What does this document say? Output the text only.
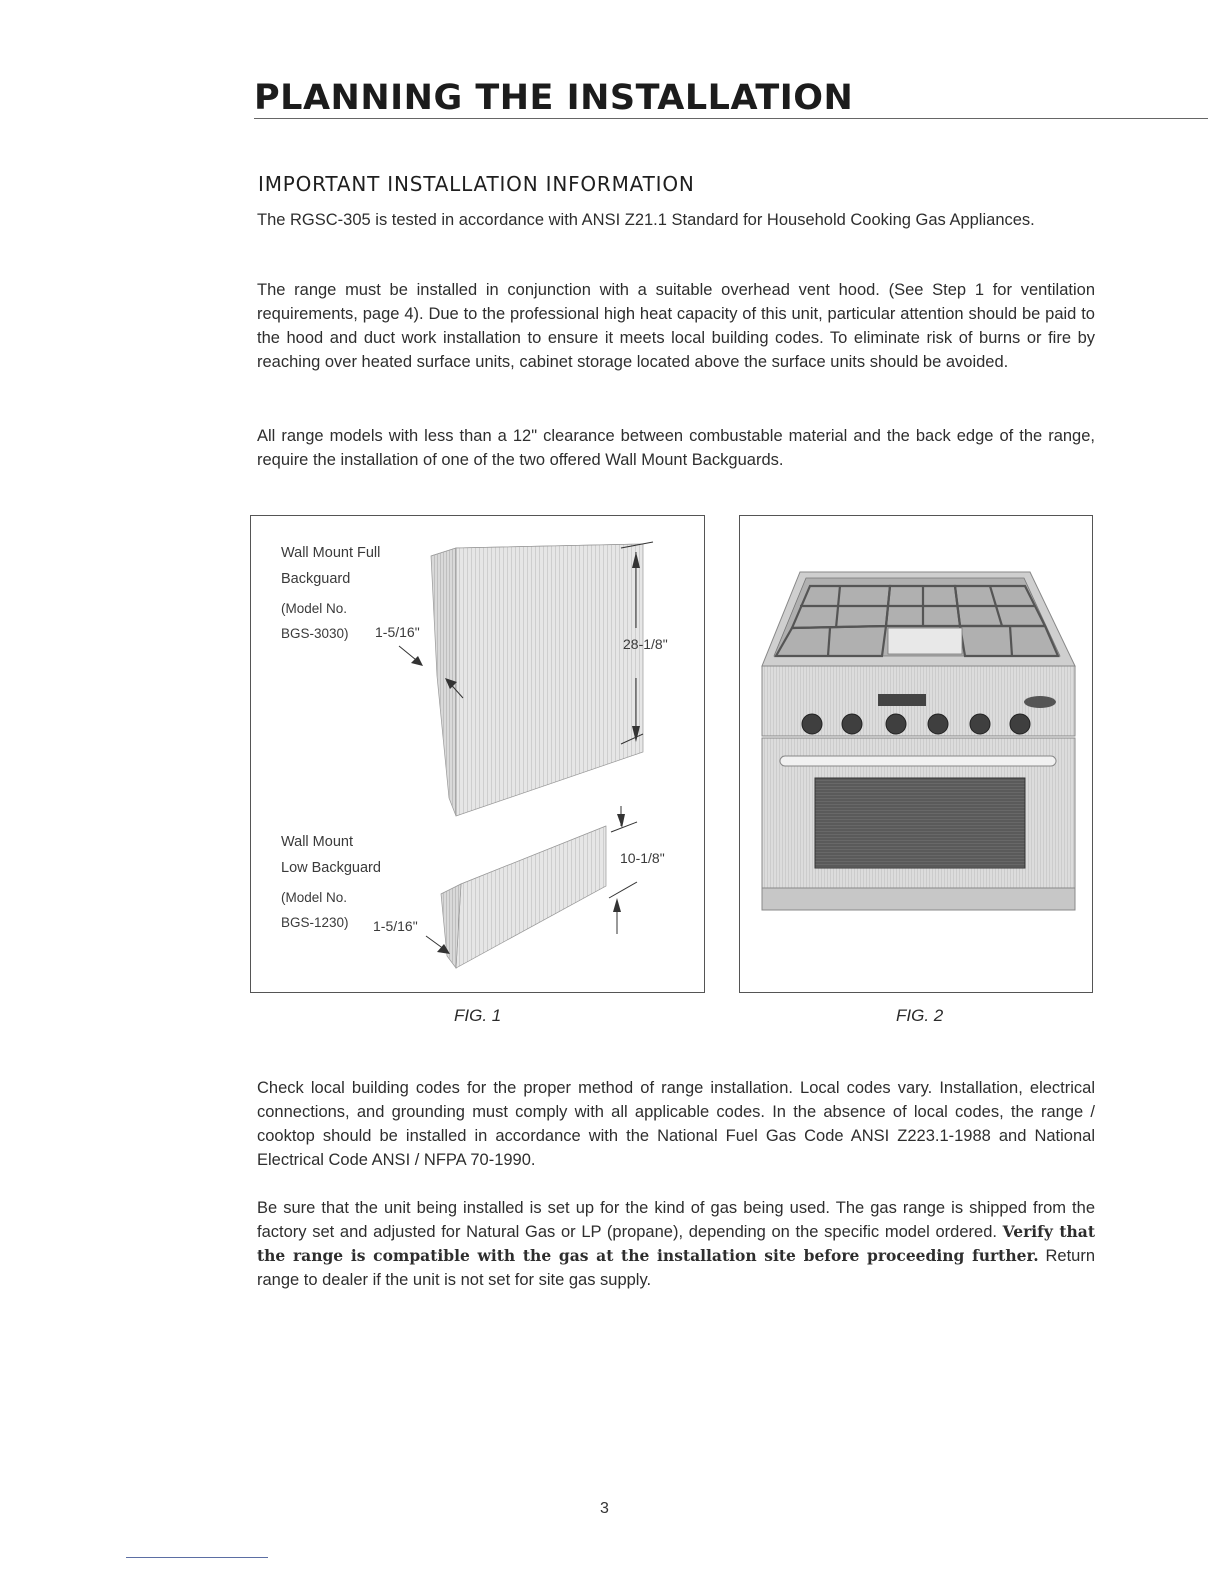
PLANNING THE INSTALLATION
IMPORTANT INSTALLATION INFORMATION

The RGSC-305 is tested in accordance with ANSI Z21.1 Standard for Household Cooking Gas Appliances.

The range must be installed in conjunction with a suitable overhead vent hood. (See Step 1 for ventilation requirements, page 4). Due to the professional high heat capacity of this unit, particular attention should be paid to the hood and duct work installation to ensure it meets local building codes. To eliminate risk of burns or fire by reaching over heated surface units, cabinet storage located above the surface units should be avoided.

All range models with less than a 12" clearance between combustable material and the back edge of the range, require the installation of one of the two offered Wall Mount Backguards.

Wall Mount Full
Backguard
(Model No.
BGS-3030) 1-5/16"
28-1/8"
Wall Mount
Low Backguard
(Model No.
BGS-1230) 1-5/16"
10-1/8"
FIG. 1	FIG. 2

Check local building codes for the proper method of range installation. Local codes vary. Installation, electrical connections, and grounding must comply with all applicable codes. In the absence of local codes, the range / cooktop should be installed in accordance with the National Fuel Gas Code ANSI Z223.1-1988 and National Electrical Code ANSI / NFPA 70-1990.

Be sure that the unit being installed is set up for the kind of gas being used. The gas range is shipped from the factory set and adjusted for Natural Gas or LP (propane), depending on the specific model ordered. Verify that the range is compatible with the gas at the installation site before proceeding further. Return range to dealer if the unit is not set for site gas supply.

3
